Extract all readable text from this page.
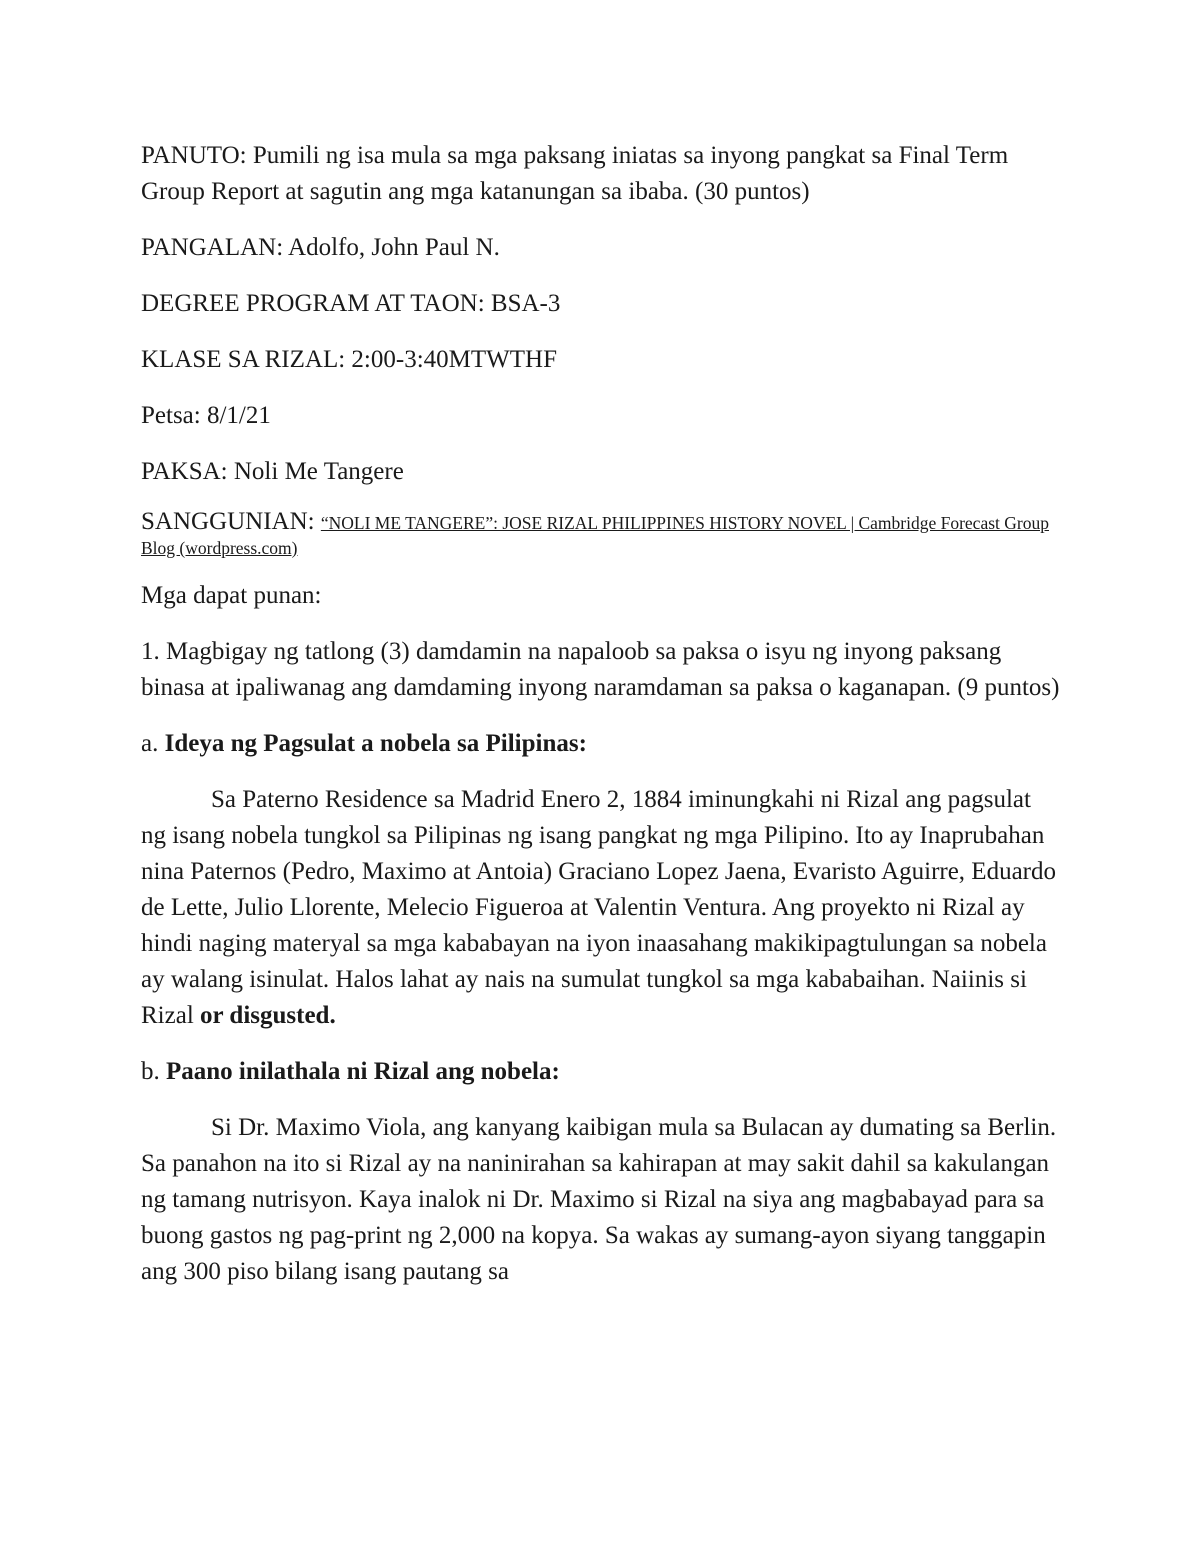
PANUTO: Pumili ng isa mula sa mga paksang iniatas sa inyong pangkat sa Final Term Group Report at sagutin ang mga katanungan sa ibaba. (30 puntos)

PANGALAN: Adolfo, John Paul N.

DEGREE PROGRAM AT TAON: BSA-3

KLASE SA RIZAL: 2:00-3:40MTWTHF

Petsa: 8/1/21

PAKSA: Noli Me Tangere

SANGGUNIAN: “NOLI ME TANGERE”: JOSE RIZAL PHILIPPINES HISTORY NOVEL | Cambridge Forecast Group Blog (wordpress.com)

Mga dapat punan:

1. Magbigay ng tatlong (3) damdamin na napaloob sa paksa o isyu ng inyong paksang binasa at ipaliwanag ang damdaming inyong naramdaman sa paksa o kaganapan. (9 puntos)

a. Ideya ng Pagsulat a nobela sa Pilipinas:

Sa Paterno Residence sa Madrid Enero 2, 1884 iminungkahi ni Rizal ang pagsulat ng isang nobela tungkol sa Pilipinas ng isang pangkat ng mga Pilipino. Ito ay Inaprubahan nina Paternos (Pedro, Maximo at Antoia) Graciano Lopez Jaena, Evaristo Aguirre, Eduardo de Lette, Julio Llorente, Melecio Figueroa at Valentin Ventura. Ang proyekto ni Rizal ay hindi naging materyal sa mga kababayan na iyon inaasahang makikipagtulungan sa nobela ay walang isinulat. Halos lahat ay nais na sumulat tungkol sa mga kababaihan. Naiinis si Rizal or disgusted.

b. Paano inilathala ni Rizal ang nobela:

Si Dr. Maximo Viola, ang kanyang kaibigan mula sa Bulacan ay dumating sa Berlin. Sa panahon na ito si Rizal ay na naninirahan sa kahirapan at may sakit dahil sa kakulangan ng tamang nutrisyon. Kaya inalok ni Dr. Maximo si Rizal na siya ang magbabayad para sa buong gastos ng pag-print ng 2,000 na kopya. Sa wakas ay sumang-ayon siyang tanggapin ang 300 piso bilang isang pautang sa
